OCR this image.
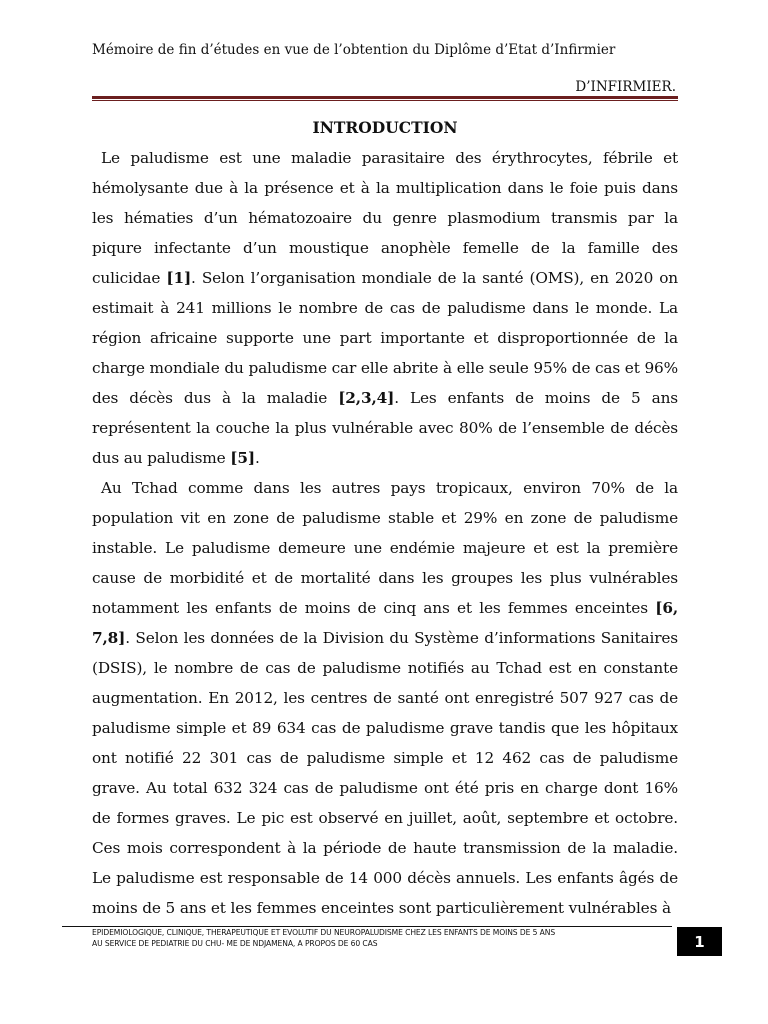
Mémoire de fin d’études en vue de l’obtention du Diplôme d’Etat d’Infirmier
D’INFIRMIER.
INTRODUCTION

Le paludisme est une maladie parasitaire des érythrocytes, fébrile et hémolysante due à la présence et à la multiplication dans le foie puis dans les hématies d’un hématozoaire du genre plasmodium transmis par la piqure infectante d’un moustique anophèle femelle de la famille des culicidae [1]. Selon l’organisation mondiale de la santé (OMS), en 2020 on estimait à 241 millions le nombre de cas de paludisme dans le monde. La région africaine supporte une part importante et disproportionnée de la charge mondiale du paludisme car elle abrite à elle seule 95% de cas et 96% des décès dus à la maladie [2,3,4]. Les enfants de moins de 5 ans représentent la couche la plus vulnérable avec 80% de l’ensemble de décès dus au paludisme [5].

Au Tchad comme dans les autres pays tropicaux, environ 70% de la population vit en zone de paludisme stable et 29% en zone de paludisme instable. Le paludisme demeure une endémie majeure et est la première cause de morbidité et de mortalité dans les groupes les plus vulnérables notamment les enfants de moins de cinq ans et les femmes enceintes [6, 7,8]. Selon les données de la Division du Système d’informations Sanitaires (DSIS), le nombre de cas de paludisme notifiés au Tchad est en constante augmentation. En 2012, les centres de santé ont enregistré 507 927 cas de paludisme simple et 89 634 cas de paludisme grave tandis que les hôpitaux ont notifié 22 301 cas de paludisme simple et 12 462 cas de paludisme grave. Au total 632 324 cas de paludisme ont été pris en charge dont 16% de formes graves. Le pic est observé en juillet, août, septembre et octobre. Ces mois correspondent à la période de haute transmission de la maladie. Le paludisme est responsable de 14 000 décès annuels. Les enfants âgés de moins de 5 ans et les femmes enceintes sont particulièrement vulnérables à

EPIDEMIOLOGIQUE, CLINIQUE, THERAPEUTIQUE ET EVOLUTIF DU NEUROPALUDISME CHEZ LES ENFANTS DE MOINS DE 5 ANS
AU SERVICE DE PEDIATRIE DU CHU- ME DE NDJAMENA, A PROPOS DE 60 CAS	1
